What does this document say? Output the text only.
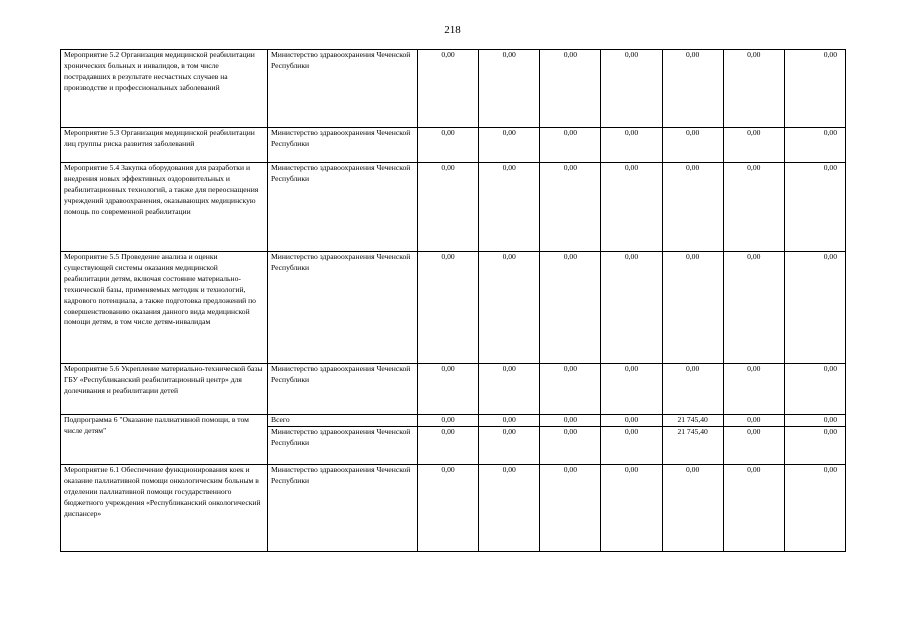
218
Мероприятие 5.2 Организация медицинской реабилитации хронических больных и инвалидов, в том числе пострадавших в результате несчастных случаев на производстве и профессиональных заболеваний	Министерство здравоохранения Чеченской Республики	0,00	0,00	0,00	0,00	0,00	0,00	0,00
Мероприятие 5.3 Организация медицинской реабилитации лиц группы риска развития заболеваний	Министерство здравоохранения Чеченской Республики	0,00	0,00	0,00	0,00	0,00	0,00	0,00
Мероприятие 5.4 Закупка оборудования для разработки и внедрения новых эффективных оздоровительных и реабилитационных технологий, а также для переоснащения учреждений здравоохранения, оказывающих медицинскую помощь по современной реабилитации	Министерство здравоохранения Чеченской Республики	0,00	0,00	0,00	0,00	0,00	0,00	0,00
Мероприятие 5.5 Проведение анализа и оценки существующей системы оказания медицинской реабилитации детям, включая состояние материально-технической базы, применяемых методик и технологий, кадрового потенциала, а также подготовка предложений по совершенствованию оказания данного вида медицинской помощи детям, в том числе детям-инвалидам	Министерство здравоохранения Чеченской Республики	0,00	0,00	0,00	0,00	0,00	0,00	0,00
Мероприятие 5.6 Укрепление материально-технической базы ГБУ «Республиканский реабилитационный центр» для долечивания и реабилитации детей	Министерство здравоохранения Чеченской Республики	0,00	0,00	0,00	0,00	0,00	0,00	0,00
Подпрограмма 6 "Оказание паллиативной помощи, в том числе детям"	Всего	0,00	0,00	0,00	0,00	21 745,40	0,00	0,00
	Министерство здравоохранения Чеченской Республики	0,00	0,00	0,00	0,00	21 745,40	0,00	0,00
Мероприятие 6.1 Обеспечение функционирования коек и оказание паллиативной помощи онкологическим больным в отделении паллиативной помощи государственного бюджетного учреждения «Республиканский онкологический диспансер»	Министерство здравоохранения Чеченской Республики	0,00	0,00	0,00	0,00	0,00	0,00	0,00
